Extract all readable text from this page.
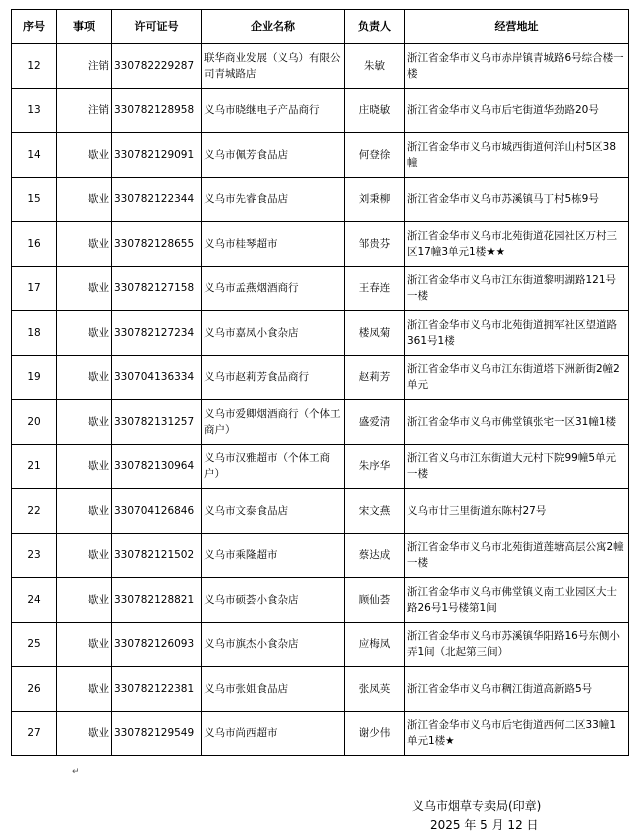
序号	事项	许可证号	企业名称	负责人	经营地址
12	注销	330782229287	联华商业发展（义乌）有限公司青城路店	朱敏	浙江省金华市义乌市赤岸镇青城路6号综合楼一楼
13	注销	330782128958	义乌市晓继电子产品商行	庄晓敏	浙江省金华市义乌市后宅街道华劲路20号
14	歇业	330782129091	义乌市佩芳食品店	何登徐	浙江省金华市义乌市城西街道何洋山村5区38幢
15	歇业	330782122344	义乌市先睿食品店	刘秉柳	浙江省金华市义乌市苏溪镇马丁村5栋9号
16	歇业	330782128655	义乌市桂琴超市	邹贵芬	浙江省金华市义乌市北苑街道花园社区万村三区17幢3单元1楼★★
17	歇业	330782127158	义乌市孟燕烟酒商行	王春连	浙江省金华市义乌市江东街道黎明湖路121号一楼
18	歇业	330782127234	义乌市嘉凤小食杂店	楼凤菊	浙江省金华市义乌市北苑街道拥军社区望道路361号1楼
19	歇业	330704136334	义乌市赵莉芳食品商行	赵莉芳	浙江省金华市义乌市江东街道塔下洲新街2幢2单元
20	歇业	330782131257	义乌市爱卿烟酒商行（个体工商户）	盛爱清	浙江省金华市义乌市佛堂镇张宅一区31幢1楼
21	歇业	330782130964	义乌市汉雅超市（个体工商户）	朱序华	浙江省义乌市江东街道大元村下院99幢5单元一楼
22	歇业	330704126846	义乌市文泰食品店	宋文燕	义乌市廿三里街道东陈村27号
23	歇业	330782121502	义乌市乘隆超市	蔡达成	浙江省金华市义乌市北苑街道莲塘高层公寓2幢一楼
24	歇业	330782128821	义乌市硕荟小食杂店	顾仙荟	浙江省金华市义乌市佛堂镇义南工业园区大士路26号1号楼第1间
25	歇业	330782126093	义乌市旗杰小食杂店	应梅凤	浙江省金华市义乌市苏溪镇华阳路16号东侧小弄1间（北起第三间）
26	歇业	330782122381	义乌市张姐食品店	张凤英	浙江省金华市义乌市稠江街道高新路5号
27	歇业	330782129549	义乌市尚西超市	谢少伟	浙江省金华市义乌市后宅街道西何二区33幢1单元1楼★
↵
义乌市烟草专卖局(印章)
2025 年 5 月 12 日
